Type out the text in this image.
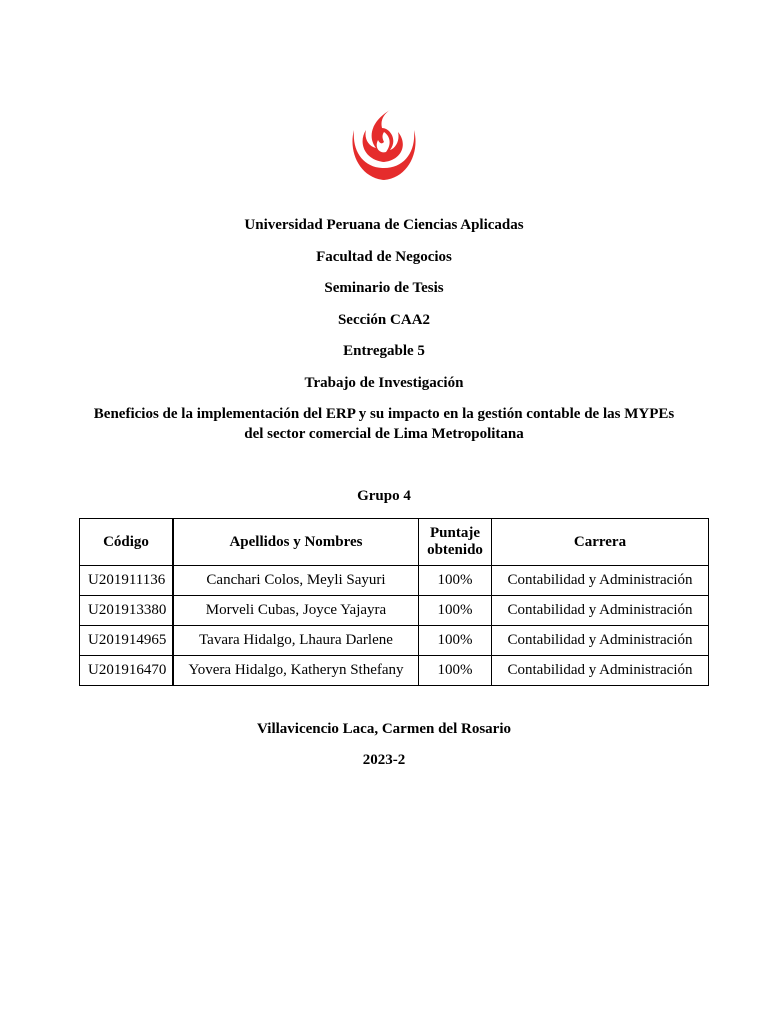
Universidad Peruana de Ciencias Aplicadas
Facultad de Negocios
Seminario de Tesis
Sección CAA2
Entregable 5
Trabajo de Investigación
Beneficios de la implementación del ERP y su impacto en la gestión contable de las MYPEs del sector comercial de Lima Metropolitana
Grupo 4
Código	Apellidos y Nombres	Puntaje obtenido	Carrera
U201911136	Canchari Colos, Meyli Sayuri	100%	Contabilidad y Administración
U201913380	Morveli Cubas, Joyce Yajayra	100%	Contabilidad y Administración
U201914965	Tavara Hidalgo, Lhaura Darlene	100%	Contabilidad y Administración
U201916470	Yovera Hidalgo, Katheryn Sthefany	100%	Contabilidad y Administración
Villavicencio Laca, Carmen del Rosario
2023-2
